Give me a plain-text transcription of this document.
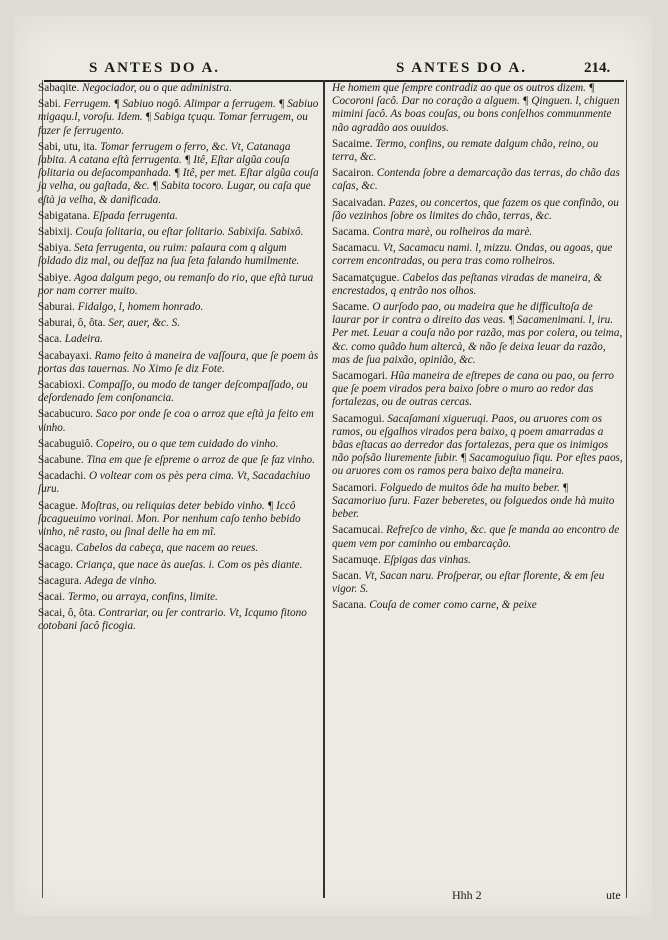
S ANTES DO A.	S ANTES DO A.	214.
Sabaqite. Negociador, ou o que administra.
Sabi. Ferrugem. ¶ Sabiuo nogô. Alimpar a ferrugem. ¶ Sabiuo migaqu.l, voroſu. Idem. ¶ Sabiga tçuqu. Tomar ferrugem, ou fazer ſe ferrugento.
Sabi, utu, ita. Tomar ferrugem o ferro, &c. Vt, Catanaga ſabita. A catana eſtà ferrugenta. ¶ Itê, Eſtar algũa couſa ſolitaria ou deſacompanhada. ¶ Itê, per met. Eſtar algũa couſa ja velha, ou gaſtada, &c. ¶ Sabita tocoro. Lugar, ou caſa que eſtà ja velha, & danificada.
Sabigatana. Eſpada ferrugenta.
Sabixij. Couſa ſolitaria, ou eſtar ſolitario. Sabixiſa. Sabixô.
Sabiya. Seta ferrugenta, ou ruim: palaura com q algum ſoldado diz mal, ou deſfaz na ſua ſeta falando humilmente.
Sabiye. Agoa dalgum pego, ou remanſo do rio, que eſtà turua por nam correr muito.
Saburai. Fidalgo, l, homem honrado.
Saburai, ô, ôta. Ser, auer, &c. S.
Saca. Ladeira.
Sacabayaxi. Ramo feito à maneira de vaſſoura, que ſe poem às portas das tauernas. No Ximo ſe diz Fote.
Sacabioxi. Compaſſo, ou modo de tanger deſcompaſſado, ou deſordenado ſem conſonancia.
Sacabucuro. Saco por onde ſe coa o arroz que eſtà ja feito em vinho.
Sacabuguiô. Copeiro, ou o que tem cuidado do vinho.
Sacabune. Tina em que ſe eſpreme o arroz de que ſe faz vinho.
Sacadachi. O voltear com os pès pera cima. Vt, Sacadachiuo ſuru.
Sacague. Moſtras, ou reliquias deter bebido vinho. ¶ Iccô ſacagueuimo vorinai. Mon. Por nenhum caſo tenho bebido vinho, nê rasto, ou ſinal delle ha em mĩ.
Sacagu. Cabelos da cabeça, que nacem ao reues.
Sacago. Criança, que nace às aueſas. i. Com os pès diante.
Sacagura. Adega de vinho.
Sacai. Termo, ou arraya, confins, limite.
Sacai, ô, ôta. Contrariar, ou ſer contrario. Vt, Icqumo fitono cotobani ſacô ficogia.
He homem que ſempre contradiz ao que os outros dizem. ¶ Cocoroni ſacô. Dar no coração a alguem. ¶ Qinguen. l, chiguen mimini ſacô. As boas couſas, ou bons conſelhos communmente não agradão aos ouuidos.
Sacaime. Termo, confins, ou remate dalgum chão, reino, ou terra, &c.
Sacairon. Contenda ſobre a demarcação das terras, do chão das caſas, &c.
Sacaivadan. Pazes, ou concertos, que fazem os que confinão, ou ſão vezinhos ſobre os limites do chão, terras, &c.
Sacama. Contra marè, ou rolheiros da marè.
Sacamacu. Vt, Sacamacu nami. l, mizzu. Ondas, ou agoas, que correm encontradas, ou pera tras como rolheiros.
Sacamatçugue. Cabelos das peſtanas viradas de maneira, & encrestados, q entrão nos olhos.
Sacame. O aurſodo pao, ou madeira que he difficultoſa de laurar por ir contra o direito das veas. ¶ Sacamenimani. l, iru. Per met. Leuar a couſa não por razão, mas por colera, ou teima, &c. como quãdo hum altercà, & não ſe deixa leuar da razão, mas de ſua paixão, opinião, &c.
Sacamogari. Hũa maneira de eſtrepes de cana ou pao, ou ferro que ſe poem virados pera baixo ſobre o muro ao redor das fortalezas, ou de outras cercas.
Sacamogui. Sacaſamani xigueruqi. Paos, ou aruores com os ramos, ou eſgalhos virados pera baixo, q poem amarradas a bãas eſtacas ao derredor das fortalezas, pera que os inimigos não poſsão liuremente ſubir. ¶ Sacamoguiuo fiqu. Por eſtes paos, ou aruores com os ramos pera baixo deſta maneira.
Sacamori. Folguedo de muitos ôde ha muito beber. ¶ Sacamoriuo ſuru. Fazer beberetes, ou folguedos onde hà muito beber.
Sacamucai. Refreſco de vinho, &c. que ſe manda ao encontro de quem vem por caminho ou embarcação.
Sacamuqe. Eſpigas das vinhas.
Sacan. Vt, Sacan naru. Proſperar, ou eſtar florente, & em ſeu vigor. S.
Sacana. Couſa de comer como carne, & peixe
Hhh 2	ute
